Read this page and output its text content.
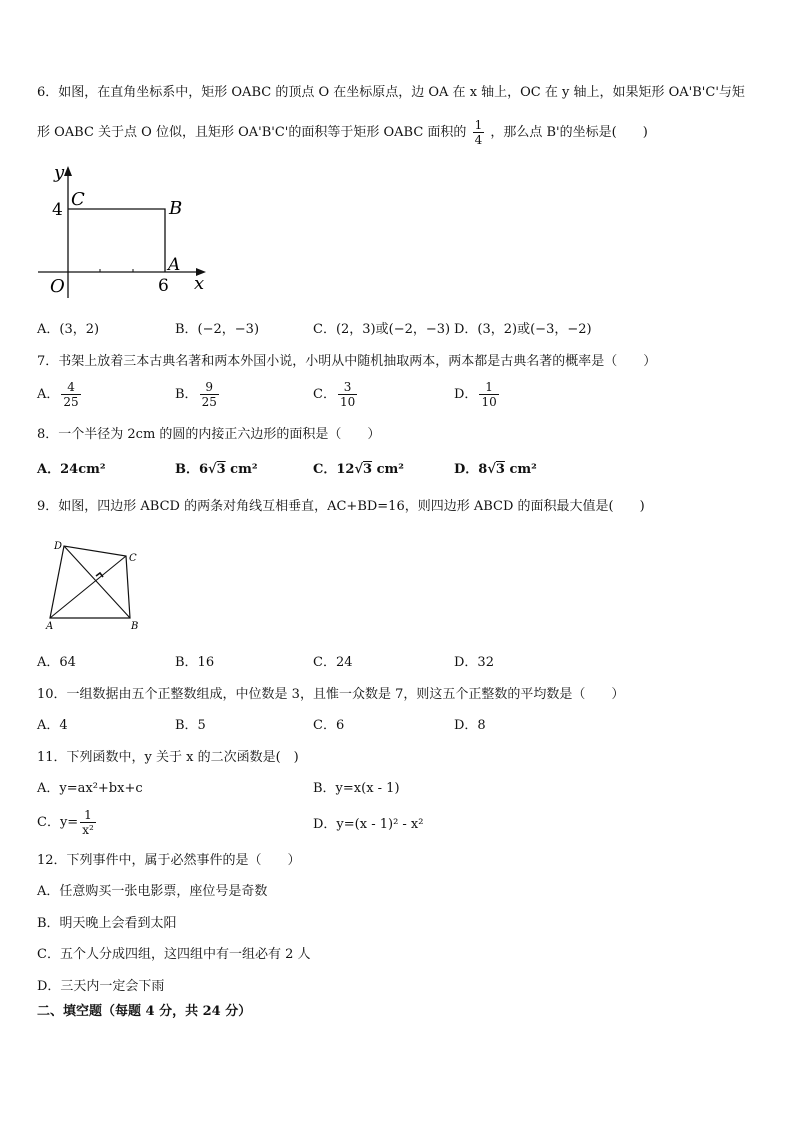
6．如图，在直角坐标系中，矩形 OABC 的顶点 O 在坐标原点，边 OA 在 x 轴上，OC 在 y 轴上，如果矩形 OA'B'C'与矩
形 OABC 关于点 O 位似，且矩形 OA'B'C'的面积等于矩形 OABC 面积的 $\frac{1}{4}$ ，那么点 B'的坐标是(　　)
y
C	B
4
A
O	6 x
A．(3，2)	B．(−2，−3)	C．(2，3)或(−2，−3) D．(3，2)或(−3，−2)
7．书架上放着三本古典名著和两本外国小说，小明从中随机抽取两本，两本都是古典名著的概率是（　　）
A． $\frac{4}{25}$	B． $\frac{9}{25}$	C． $\frac{3}{10}$	D． $\frac{1}{10}$
8．一个半径为 2cm 的圆的内接正六边形的面积是（　　）
A．24cm²	B．6√3 cm²	C．12√3 cm²	D．8√3 cm²
9．如图，四边形 ABCD 的两条对角线互相垂直，AC+BD=16，则四边形 ABCD 的面积最大值是(　　)
D
C
A	B
A．64	B．16	C．24	D．32
10．一组数据由五个正整数组成，中位数是 3，且惟一众数是 7，则这五个正整数的平均数是（　　）
A．4	B．5	C．6	D．8
11．下列函数中，y 关于 x 的二次函数是(　)
A．y=ax²+bx+c	B．y=x(x - 1)
C．$y= \frac{1}{\text{x²}}$	D．y=(x - 1)² - x²
12．下列事件中，属于必然事件的是（　　）
A．任意购买一张电影票，座位号是奇数
B．明天晚上会看到太阳
C．五个人分成四组，这四组中有一组必有 2 人
D．三天内一定会下雨
二、填空题（每题 4 分，共 24 分）
